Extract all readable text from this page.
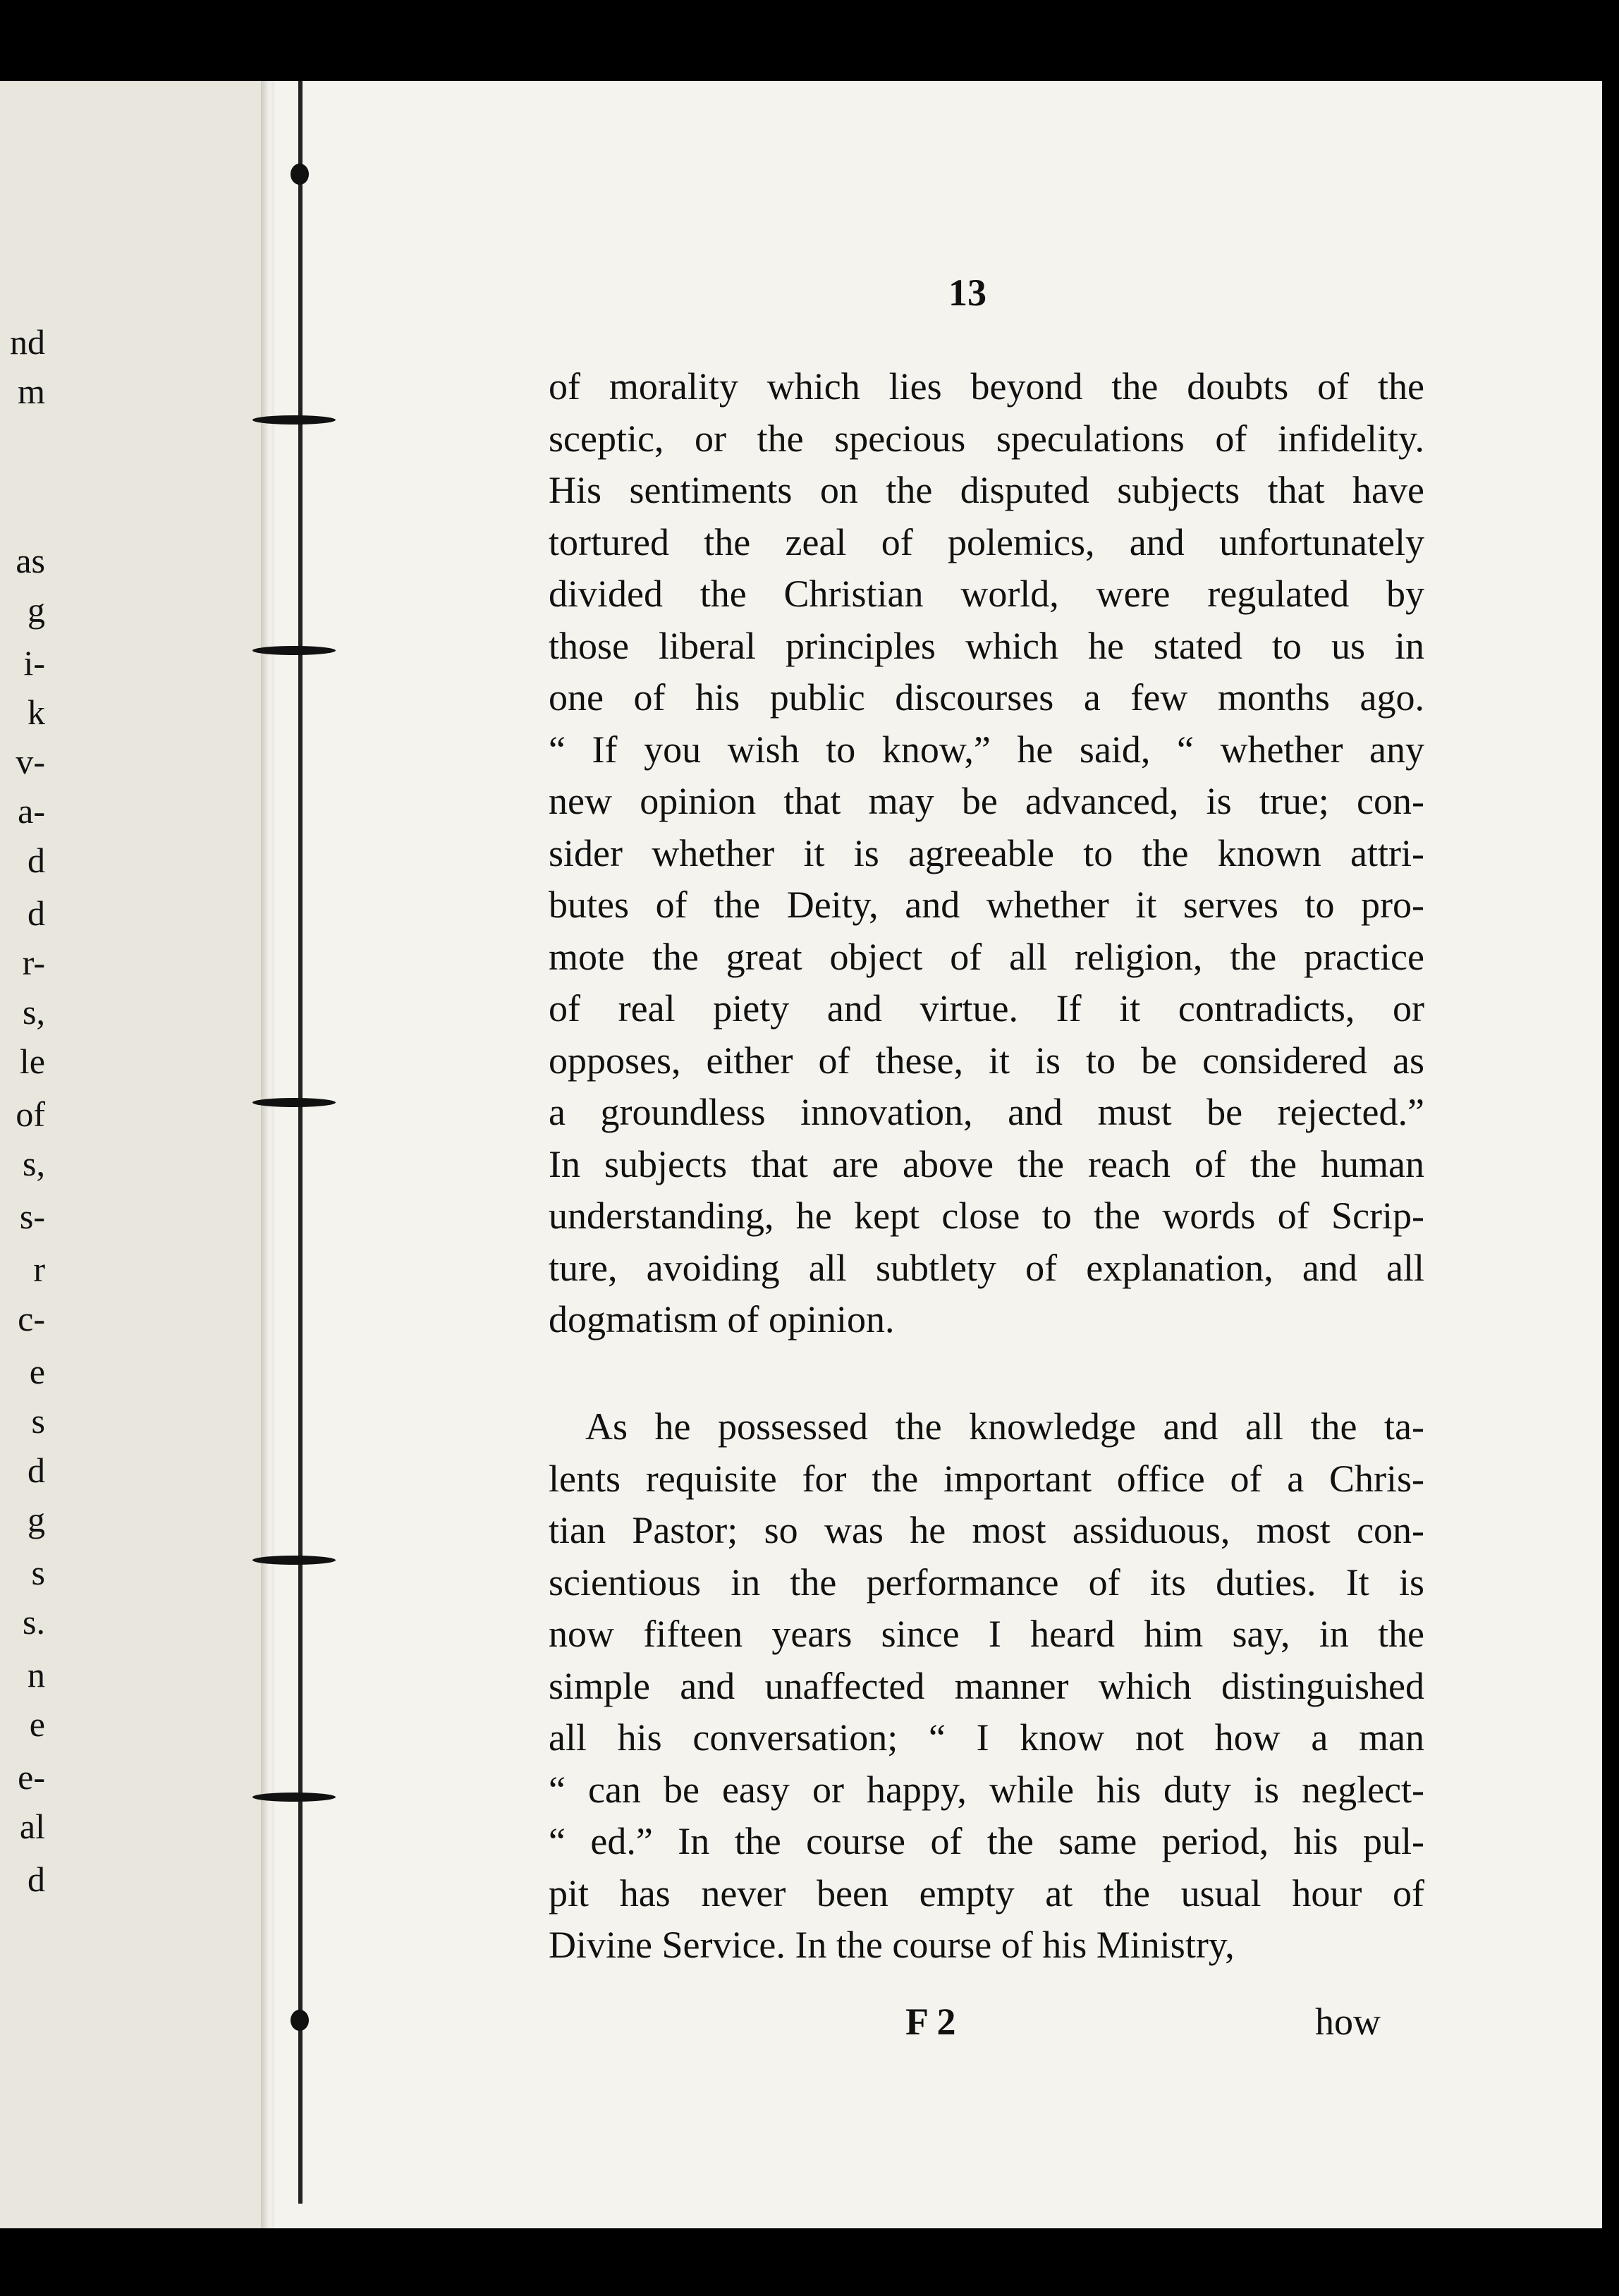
nd
m
as
g
i-
k
v-
a-
d
d
r-
s,
le
of
s,
s-
r
c-
e
s
d
g
s
s.
n
e
e-
al
d
13
of morality which lies beyond the doubts of the
sceptic, or the specious speculations of infidelity.
His sentiments on the disputed subjects that have
tortured the zeal of polemics, and unfortunately
divided the Christian world, were regulated by
those liberal principles which he stated to us in
one of his public discourses a few months ago.
“ If you wish to know,” he said, “ whether any
new opinion that may be advanced, is true; con-
sider whether it is agreeable to the known attri-
butes of the Deity, and whether it serves to pro-
mote the great object of all religion, the practice
of real piety and virtue. If it contradicts, or
opposes, either of these, it is to be considered as
a groundless innovation, and must be rejected.”
In subjects that are above the reach of the human
understanding, he kept close to the words of Scrip-
ture, avoiding all subtlety of explanation, and all
dogmatism of opinion.
As he possessed the knowledge and all the ta-
lents requisite for the important office of a Chris-
tian Pastor; so was he most assiduous, most con-
scientious in the performance of its duties. It is
now fifteen years since I heard him say, in the
simple and unaffected manner which distinguished
all his conversation; “ I know not how a man
“ can be easy or happy, while his duty is neglect-
“ ed.” In the course of the same period, his pul-
pit has never been empty at the usual hour of
Divine Service. In the course of his Ministry,
F 2	how
